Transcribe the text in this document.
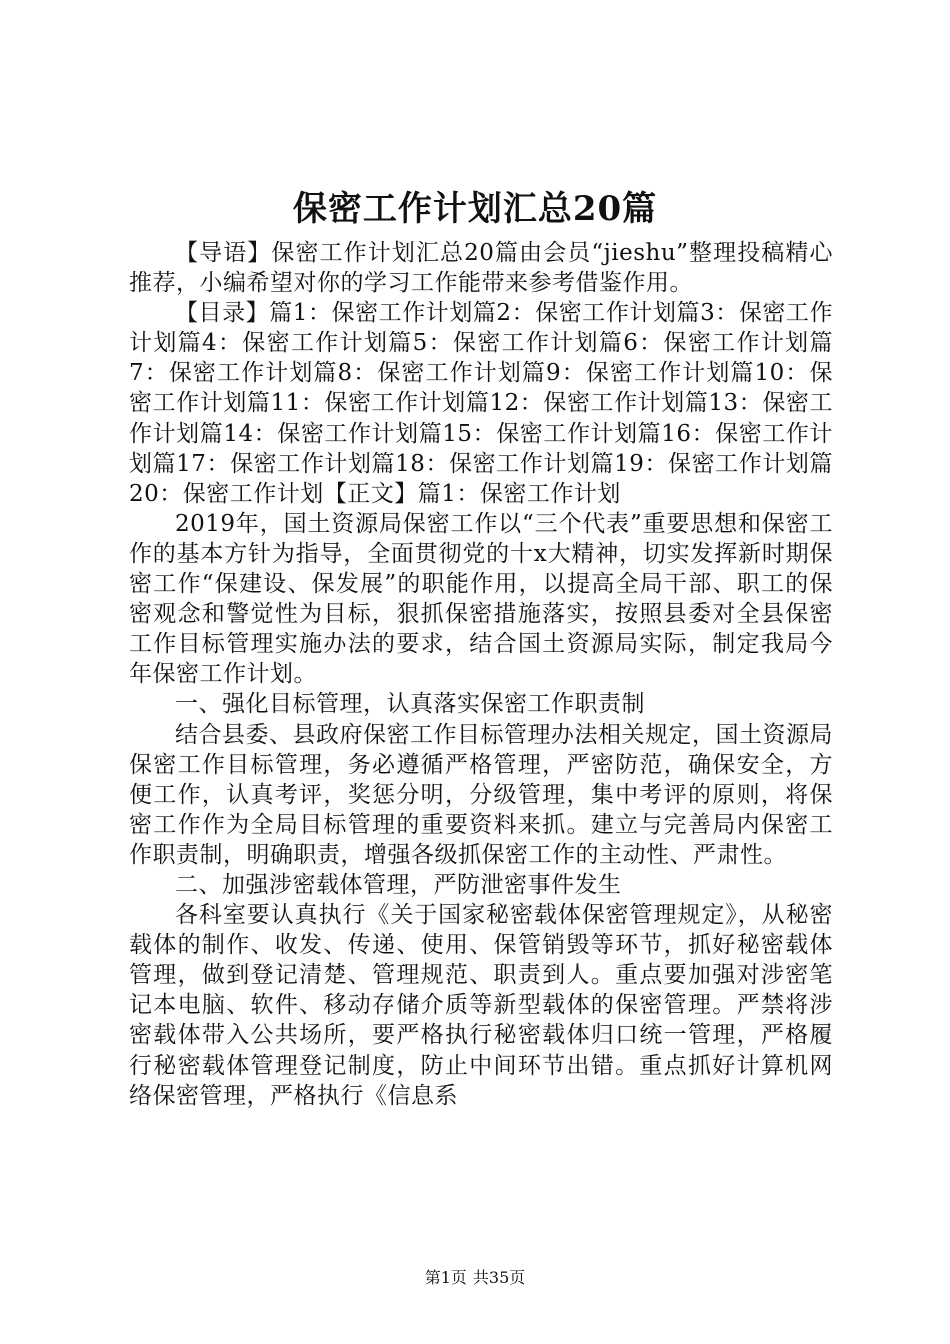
保密工作计划汇总20篇

【导语】保密工作计划汇总20篇由会员“jieshu”整理投稿精心推荐，小编希望对你的学习工作能带来参考借鉴作用。

【目录】篇1：保密工作计划篇2：保密工作计划篇3：保密工作计划篇4：保密工作计划篇5：保密工作计划篇6：保密工作计划篇7：保密工作计划篇8：保密工作计划篇9：保密工作计划篇10：保密工作计划篇11：保密工作计划篇12：保密工作计划篇13：保密工作计划篇14：保密工作计划篇15：保密工作计划篇16：保密工作计划篇17：保密工作计划篇18：保密工作计划篇19：保密工作计划篇20：保密工作计划【正文】篇1：保密工作计划

2019年，国土资源局保密工作以“三个代表”重要思想和保密工作的基本方针为指导，全面贯彻党的十x大精神，切实发挥新时期保密工作“保建设、保发展”的职能作用，以提高全局干部、职工的保密观念和警觉性为目标，狠抓保密措施落实，按照县委对全县保密工作目标管理实施办法的要求，结合国土资源局实际，制定我局今年保密工作计划。

一、强化目标管理，认真落实保密工作职责制

结合县委、县政府保密工作目标管理办法相关规定，国土资源局保密工作目标管理，务必遵循严格管理，严密防范，确保安全，方便工作，认真考评，奖惩分明，分级管理，集中考评的原则，将保密工作作为全局目标管理的重要资料来抓。建立与完善局内保密工作职责制，明确职责，增强各级抓保密工作的主动性、严肃性。

二、加强涉密载体管理，严防泄密事件发生

各科室要认真执行《关于国家秘密载体保密管理规定》，从秘密载体的制作、收发、传递、使用、保管销毁等环节，抓好秘密载体管理，做到登记清楚、管理规范、职责到人。重点要加强对涉密笔记本电脑、软件、移动存储介质等新型载体的保密管理。严禁将涉密载体带入公共场所，要严格执行秘密载体归口统一管理，严格履行秘密载体管理登记制度，防止中间环节出错。重点抓好计算机网络保密管理，严格执行《信息系

第1页 共35页
